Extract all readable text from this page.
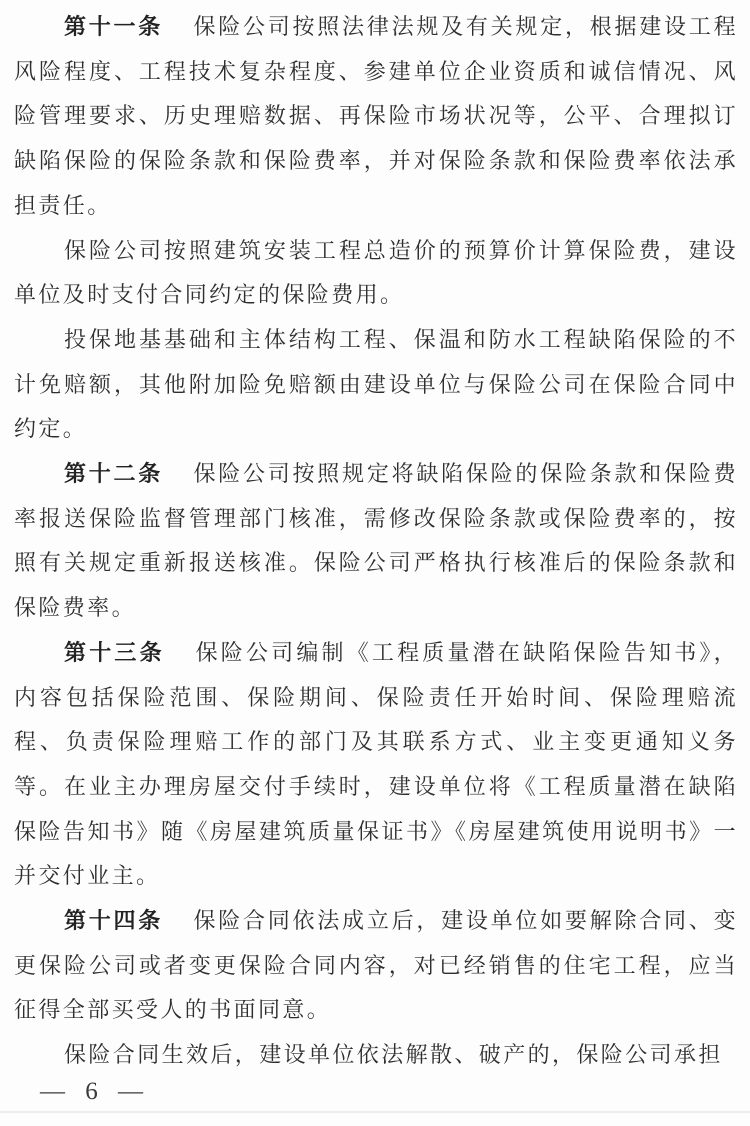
第十一条 保险公司按照法律法规及有关规定，根据建设工程风险程度、工程技术复杂程度、参建单位企业资质和诚信情况、风险管理要求、历史理赔数据、再保险市场状况等，公平、合理拟订缺陷保险的保险条款和保险费率，并对保险条款和保险费率依法承担责任。

保险公司按照建筑安装工程总造价的预算价计算保险费，建设单位及时支付合同约定的保险费用。

投保地基基础和主体结构工程、保温和防水工程缺陷保险的不计免赔额，其他附加险免赔额由建设单位与保险公司在保险合同中约定。

第十二条 保险公司按照规定将缺陷保险的保险条款和保险费率报送保险监督管理部门核准，需修改保险条款或保险费率的，按照有关规定重新报送核准。保险公司严格执行核准后的保险条款和保险费率。

第十三条 保险公司编制《工程质量潜在缺陷保险告知书》，内容包括保险范围、保险期间、保险责任开始时间、保险理赔流程、负责保险理赔工作的部门及其联系方式、业主变更通知义务等。在业主办理房屋交付手续时，建设单位将《工程质量潜在缺陷保险告知书》随《房屋建筑质量保证书》《房屋建筑使用说明书》一并交付业主。

第十四条 保险合同依法成立后，建设单位如要解除合同、变更保险公司或者变更保险合同内容，对已经销售的住宅工程，应当征得全部买受人的书面同意。

保险合同生效后，建设单位依法解散、破产的，保险公司承担

— 6 —
